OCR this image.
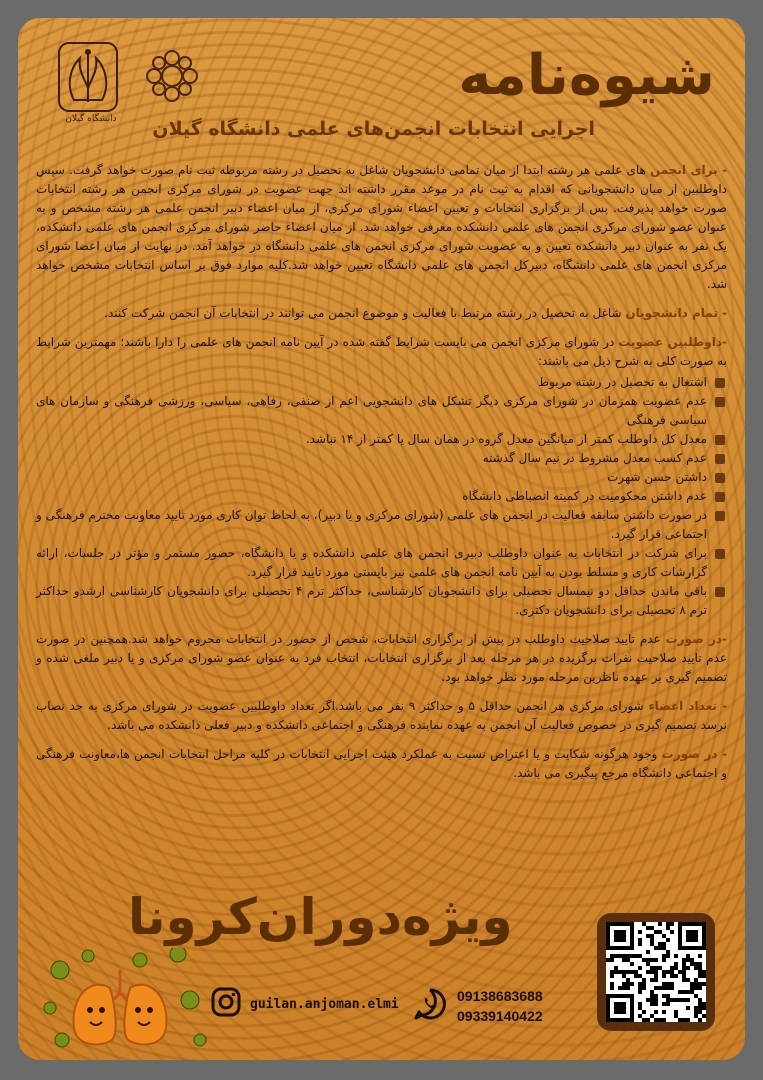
دانشگاه گیلان
شیوه‌نامه
اجرایی انتخابات انجمن‌های علمی دانشگاه گیلان

- برای انجمن های علمی هر رشته ابتدا از میان تمامی دانشجویان شاغل به تحصیل در رشته مربوطه ثبت نام صورت خواهد گرفت. سپس داوطلبین از میان دانشجویانی که اقدام به ثبت نام در موعد مقرر داشته اند جهت عضویت در شورای مرکزی انجمن هر رشته انتخابات صورت خواهد پذیرفت. پس از برگزاری انتخابات و تعیین اعضاء شورای مرکزی، از میان اعضاء دبیر انجمن علمی هر رشته مشخص و به عنوان عضو شورای مرکزی انجمن های علمی دانشکده معرفی خواهد شد. از میان اعضاء حاضر شورای مرکزی انجمن های علمی دانشکده، یک نفر به عنوان دبیر دانشکده تعیین و به عضویت شورای مرکزی انجمن های علمی دانشگاه در خواهد آمد. در نهایت از میان اعضا شورای مرکزی انجمن های علمی دانشگاه، دبیرکل انجمن های علمی دانشگاه تعیین خواهد شد.کلیه موارد فوق بر اساس انتخابات مشخص خواهد شد.

- تمام دانشجویان شاغل به تحصیل در رشته مرتبط با فعالیت و موضوع انجمن می توانند در انتخابات آن انجمن شرکت کنند.

-داوطلبین عضویت در شورای مرکزی انجمن می بایست شرایط گفته شده در آیین نامه انجمن های علمی را دارا باشند؛ مهمترین شرایط به صورت کلی به شرح ذیل می باشند:

اشتغال به تحصیل در رشته مربوط
عدم عضویت همزمان در شورای مرکزی دیگر تشکل های دانشجویی اعم از صنفی، رفاهی، سیاسی، ورزشی فرهنگی و سازمان های سیاسی فرهنگی
معدل کل داوطلب کمتر از میانگین معدل گروه در همان سال یا کمتر از ۱۴ نباشد.
عدم کسب معدل مشروط در نیم سال گذشته
داشتن حسن شهرت
عدم داشتن محکومیت در کمیته انضباطی دانشگاه
در صورت داشتن سابقه فعالیت در انجمن های علمی (شورای مرکزی و یا دبیر)، به لحاظ توان کاری مورد تایید معاونت محترم فرهنگی و اجتماعی قرار گیرد.
برای شرکت در انتخابات به عنوان داوطلب دبیری انجمن های علمی دانشکده و یا دانشگاه، حضور مستمر و مؤثر در جلسات، ارائه گزارشات کاری و مسلط بودن به آیین نامه انجمن های علمی نیز بایستی مورد تایید قرار گیرد.
باقی ماندن حداقل دو نیمسال تحصیلی برای دانشجویان کارشناسی، حداکثر ترم ۴ تحصیلی برای دانشجویان کارشناسی ارشدو حداکثر ترم ۸ تحصیلی برای دانشجویان دکتری.

-در صورت عدم تایید صلاحیت داوطلب در پیش از برگزاری انتخابات، شخص از حضور در انتخابات محروم خواهد شد.همچنین در صورت عدم تایید صلاحیت نفرات برگزیده در هر مرحله بعد از برگزاری انتخابات، انتخاب فرد به عنوان عضو شورای مرکزی و یا دبیر ملغی شده و تصمیم گیری بر عهده ناظرین مرحله مورد نظر خواهد بود.

- تعداد اعضاء شورای مرکزی هر انجمن حداقل ۵ و حداکثر ۹ نفر می باشد.اگر تعداد داوطلبین عضویت در شورای مرکزی به حد نصاب نرسد تصمیم گیری در خصوص فعالیت آن انجمن به عهده نماینده فرهنگی و اجتماعی دانشکده و دبیر فعلی دانشکده می باشد.

- در صورت وجود هرگونه شکایت و یا اعتراض نسبت به عملکرد هیئت اجرایی انتخابات در کلیه مراحل انتخابات انجمن ها،معاونت فرهنگی و اجتماعی دانشگاه مرجع پیگیری می باشد.

ویژه‌دوران‌کرونا
guilan.anjoman.elmi	09138683688
09339140422
